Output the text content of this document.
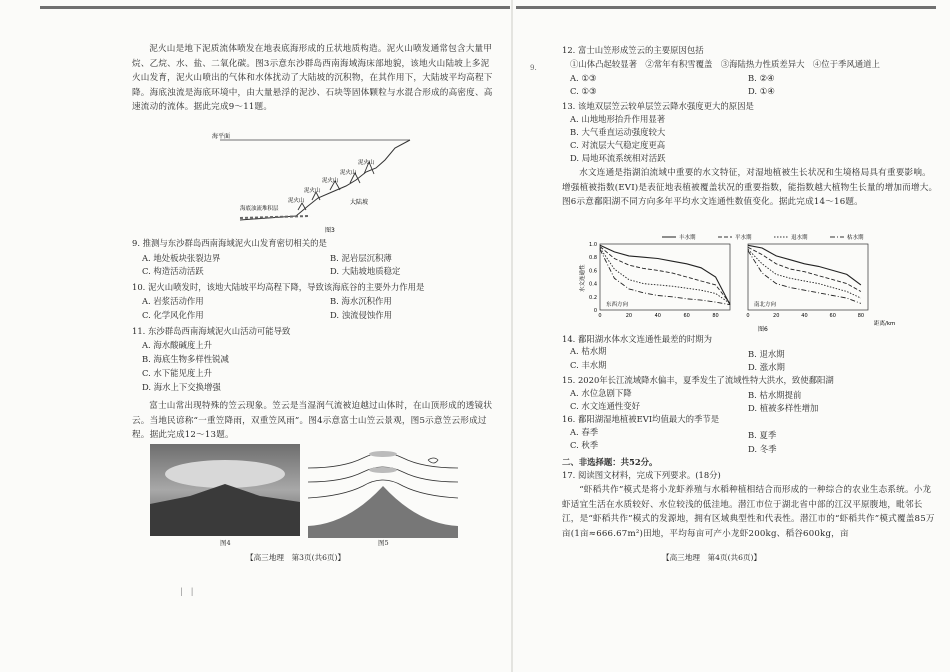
泥火山是地下泥质流体喷发在地表底海形成的丘状地质构造。泥火山喷发通常包含大量甲烷、乙烷、水、盐、二氧化碳。图3示意东沙群岛西南海域海床部地貌，该地火山陆坡上多泥火山发育，泥火山喷出的气体和水体扰动了大陆坡的沉积物，在其作用下，大陆坡平均高程下降。海底浊流是海底环境中，由大量悬浮的泥沙、石块等固体颗粒与水混合形成的高密度、高速流动的流体。据此完成9～11题。

海平面
泥火山
泥火山
泥火山
泥火山
泥火山	大陆坡
海底浊流堆积层
图3

9. 推测与东沙群岛西南海域泥火山发育密切相关的是

A. 地处板块张裂边界	B. 泥岩层沉积薄

C. 构造活动活跃	D. 大陆坡地质稳定

10. 泥火山喷发时，该地大陆坡平均高程下降，导致该海底谷的主要外力作用是

A. 岩浆活动作用	B. 海水沉积作用

C. 化学风化作用	D. 浊流侵蚀作用

11. 东沙群岛西南海域泥火山活动可能导致

A. 海水酸碱度上升

B. 海底生物多样性锐减

C. 水下能见度上升

D. 海水上下交换增强

富士山常出现特殊的笠云现象。笠云是当湿润气流被迫越过山体时，在山顶形成的透镜状云。当地民谚称“一重笠降雨，双重笠风雨”。图4示意富士山笠云景观，图5示意笠云形成过程。据此完成12～13题。

图4	图5

【高三地理　第3页(共6页)】

|　|

9.

12. 富士山笠形成笠云的主要原因包括

①山体凸起较显著　②常年有积雪覆盖　③海陆热力性质差异大　④位于季风通道上

A. ①③	B. ②④

C. ①③	D. ①④

13. 该地双层笠云较单层笠云降水强度更大的原因是

A. 山地地形抬升作用显著

B. 大气垂直运动强度较大

C. 对流层大气稳定度更高

D. 局地环流系统相对活跃

水文连通是指湖泊流域中重要的水文特征，对湿地植被生长状况和生境格局具有重要影响。增强植被指数(EVI)是表征地表植被覆盖状况的重要指数，能指数越大植物生长量的增加而增大。图6示意鄱阳湖不同方向多年平均水文连通性数值变化。据此完成14～16题。

丰水期	平水期	退水期	枯水期
水文连通性
1.0
0.8
0.6
0.4
0.2
0
0	20	40	60	80
东西方向
0	20	40	60	80
南北方向
距离/km
图6

14. 鄱阳湖水体水文连通性最差的时期为

A. 枯水期	B. 退水期

C. 丰水期	D. 涨水期

15. 2020年长江流域降水偏丰，夏季发生了流域性特大洪水，致使鄱阳湖

A. 水位急剧下降	B. 枯水期提前

C. 水文连通性变好	D. 植被多样性增加

16. 鄱阳湖湿地植被EVI均值最大的季节是

A. 春季	B. 夏季

C. 秋季	D. 冬季

二、非选择题：共52分。

17. 阅读图文材料，完成下列要求。(18分)

“虾稻共作”模式是将小龙虾养殖与水稻种植相结合而形成的一种综合的农业生态系统。小龙虾适宜生活在水质较好、水位较浅的低洼地。潜江市位于湖北省中部的江汉平原腹地，毗邻长江，是“虾稻共作”模式的发源地，拥有区域典型性和代表性。潜江市的“虾稻共作”模式覆盖85万亩(1亩≈666.67m²)田地，平均每亩可产小龙虾200kg、稻谷600kg，亩

【高三地理　第4页(共6页)】
